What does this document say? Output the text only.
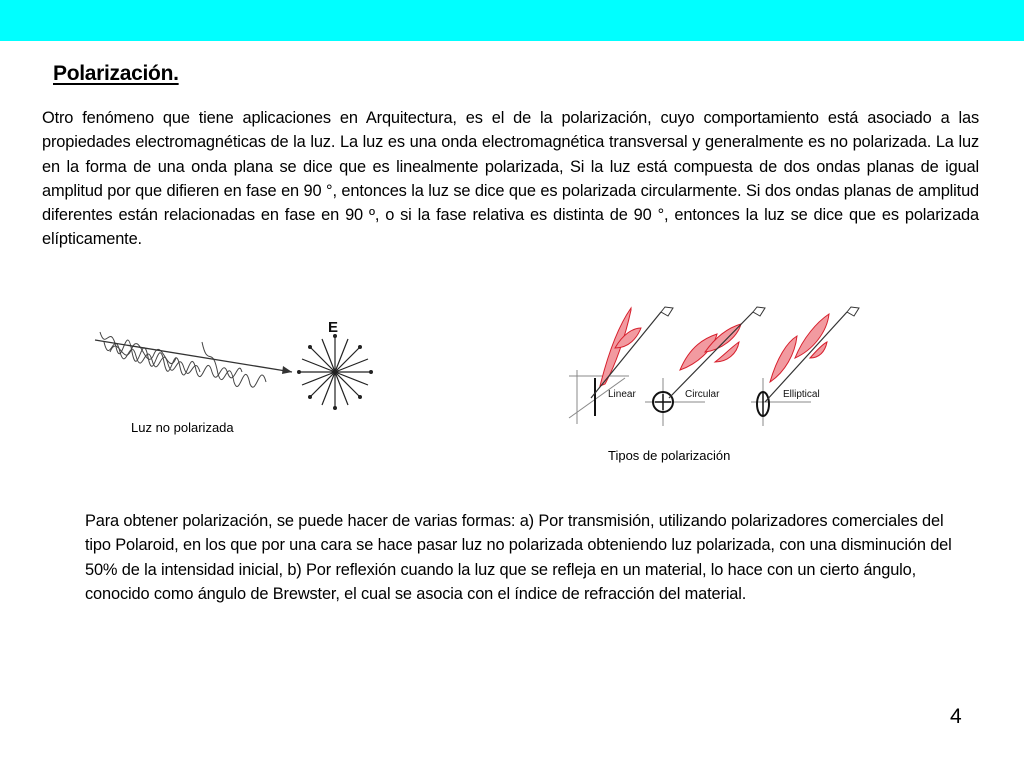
Polarización.
Otro fenómeno que tiene aplicaciones en Arquitectura, es el de la polarización, cuyo comportamiento está asociado a las propiedades electromagnéticas de la luz. La luz es una onda electromagnética transversal y generalmente es no polarizada. La luz en la forma de una onda plana se dice que es linealmente polarizada, Si la luz está compuesta de dos ondas planas de igual amplitud por que difieren en fase en 90 °, entonces la luz se dice que es polarizada circularmente. Si dos ondas planas de amplitud diferentes están relacionadas en fase en 90 º, o si la fase relativa es distinta de 90 °, entonces la luz se dice que es polarizada elípticamente.
E
Luz no polarizada
Linear	Circular	Elliptical
Tipos de polarización
Para obtener polarización, se puede hacer de varias formas: a) Por transmisión, utilizando polarizadores comerciales del tipo Polaroid, en los que por una cara se hace pasar luz no polarizada obteniendo luz polarizada, con una disminución del 50% de la intensidad inicial, b) Por reflexión cuando la luz que se refleja en un material, lo hace con un cierto ángulo, conocido como ángulo de Brewster, el cual se asocia con el índice de refracción del material.
4
